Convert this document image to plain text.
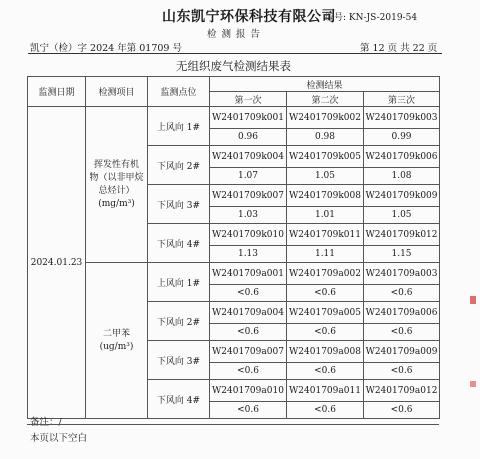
山东凯宁环保科技有限公司
编号: KN-JS-2019-54
检 测 报 告
凯宁（检）字 2024 年第 01709 号	第 12 页 共 22 页
无组织废气检测结果表
监测日期	检测项目	监测点位	检测结果		
			第一次	第二次	第三次
2024.01.23	挥发性有机
物（以非甲烷
总烃计）
(mg/m³)	上风向 1#	W2401709k001	W2401709k002	W2401709k003
			0.96	0.98	0.99
		下风向 2#	W2401709k004	W2401709k005	W2401709k006
			1.07	1.05	1.08
		下风向 3#	W2401709k007	W2401709k008	W2401709k009
			1.03	1.01	1.05
		下风向 4#	W2401709k010	W2401709k011	W2401709k012
			1.13	1.11	1.15

	二甲苯
(ug/m³)	上风向 1#	W2401709a001	W2401709a002	W2401709a003
			<0.6	<0.6	<0.6
		下风向 2#	W2401709a004	W2401709a005	W2401709a006
			<0.6	<0.6	<0.6
		下风向 3#	W2401709a007	W2401709a008	W2401709a009
			<0.6	<0.6	<0.6
		下风向 4#	W2401709a010	W2401709a011	W2401709a012
			<0.6	<0.6	<0.6
备注：/
本页以下空白
